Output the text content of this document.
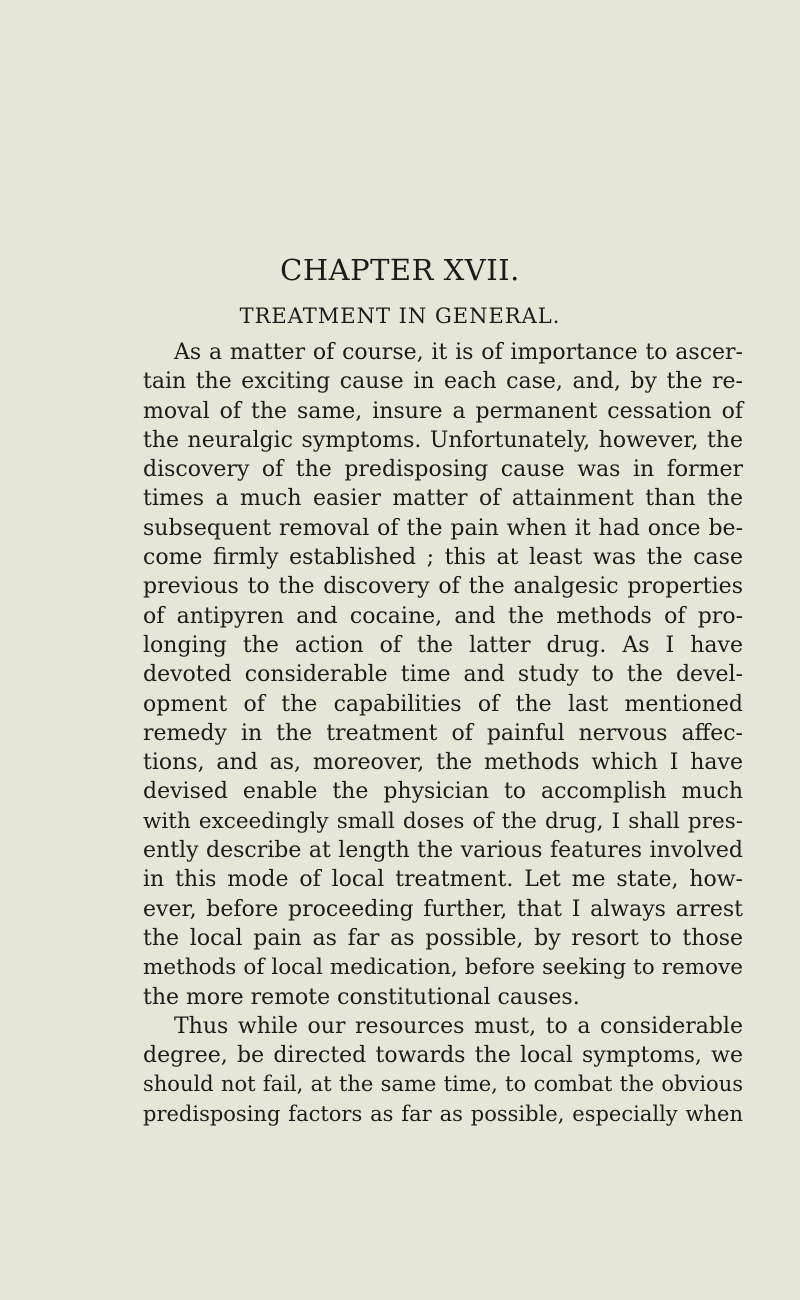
CHAPTER XVII.
TREATMENT IN GENERAL.
As a matter of course, it is of importance to ascer-
tain the exciting cause in each case, and, by the re-
moval of the same, insure a permanent cessation of
the neuralgic symptoms. Unfortunately, however, the
discovery of the predisposing cause was in former
times a much easier matter of attainment than the
subsequent removal of the pain when it had once be-
come firmly established ; this at least was the case
previous to the discovery of the analgesic properties
of antipyren and cocaine, and the methods of pro-
longing the action of the latter drug. As I have
devoted considerable time and study to the devel-
opment of the capabilities of the last mentioned
remedy in the treatment of painful nervous affec-
tions, and as, moreover, the methods which I have
devised enable the physician to accomplish much
with exceedingly small doses of the drug, I shall pres-
ently describe at length the various features involved
in this mode of local treatment. Let me state, how-
ever, before proceeding further, that I always arrest
the local pain as far as possible, by resort to those
methods of local medication, before seeking to remove
the more remote constitutional causes.
Thus while our resources must, to a considerable
degree, be directed towards the local symptoms, we
should not fail, at the same time, to combat the obvious
predisposing factors as far as possible, especially when
